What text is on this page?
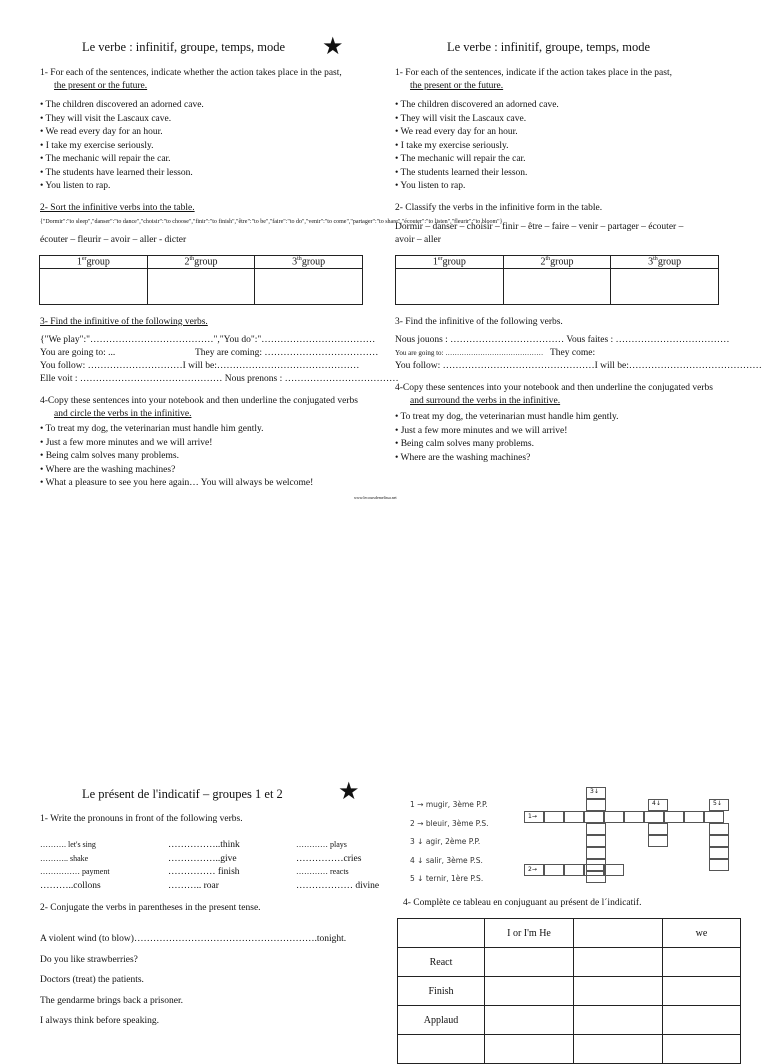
Le verbe : infinitif, groupe, temps, mode ★	Le verbe : infinitif, groupe, temps, mode
1- For each of the sentences, indicate whether the action takes place in the past,
the present or the future.
• The children discovered an adorned cave.
• They will visit the Lascaux cave.
• We read every day for an hour.
• I take my exercise seriously.
• The mechanic will repair the car.
• The students have learned their lesson.
• You listen to rap.
2- Sort the infinitive verbs into the table.
{"Dormir":"to sleep","danser":"to dance","choisir":"to choose","finir":"to finish","être":"to be","faire":"to do","venir":"to come","partager":"to share","écouter":"to listen","fleurir":"to bloom"}
écouter – fleurir – avoir – aller - dicter
1ergroup	2thgroup	3thgroup

3- Find the infinitive of the following verbs.
{"We play":"…………………………………","You do":"………………………………
You are going to: ...	They are coming: ………………………………
You follow: …………………………I will be:………………………………………
Elle voit : ……………………………………… Nous prenons : ………………………………
4-Copy these sentences into your notebook and then underline the conjugated verbs
and circle the verbs in the infinitive.
• To treat my dog, the veterinarian must handle him gently.
• Just a few more minutes and we will arrive!
• Being calm solves many problems.
• Where are the washing machines?
• What a pleasure to see you here again… You will always be welcome!
www.lecoursdemelissa.net
1- For each of the sentences, indicate if the action takes place in the past,
the present or the future.
• The children discovered an adorned cave.
• They will visit the Lascaux cave.
• We read every day for an hour.
• I take my exercise seriously.
• The mechanic will repair the car.
• The students learned their lesson.
• You listen to rap.
2- Classify the verbs in the infinitive form in the table.
Dormir – danser – choisir – finir – être – faire – venir – partager – écouter –
avoir – aller
1ergroup	2thgroup	3thgroup

3- Find the infinitive of the following verbs.
Nous jouons : ……………………………… Vous faites : ………………………………
You are going to: …………………………………… They come:
You follow: …………………………………………I will be:……………………………………
4-Copy these sentences into your notebook and then underline the conjugated verbs
and surround the verbs in the infinitive.
• To treat my dog, the veterinarian must handle him gently.
• Just a few more minutes and we will arrive!
• Being calm solves many problems.
• Where are the washing machines?
Le présent de l'indicatif – groupes 1 et 2 ★
1- Write the pronouns in front of the following verbs.
………. let's sing	……………..think	………… plays
……….. shake	……………..give	……………cries
…………… payment	…………… finish	………… reacts
………..collons	……….. roar	……………… divine
2- Conjugate the verbs in parentheses in the present tense.
A violent wind (to blow)………………………………………………….tonight.
Do you like strawberries?
Doctors (treat) the patients.
The gendarme brings back a prisoner.
I always think before speaking.
1 → mugir, 3ème P.P.
2 → bleuir, 3ème P.S.
3 ↓ agir, 2ème P.P.
4 ↓ salir, 3ème P.S.
5 ↓ ternir, 1ère P.S.
3↓
4↓	5↓
1→
2→
4- Complète ce tableau en conjuguant au présent de l´indicatif.
	I or I'm He		we
React			
Finish			
Applaud			
